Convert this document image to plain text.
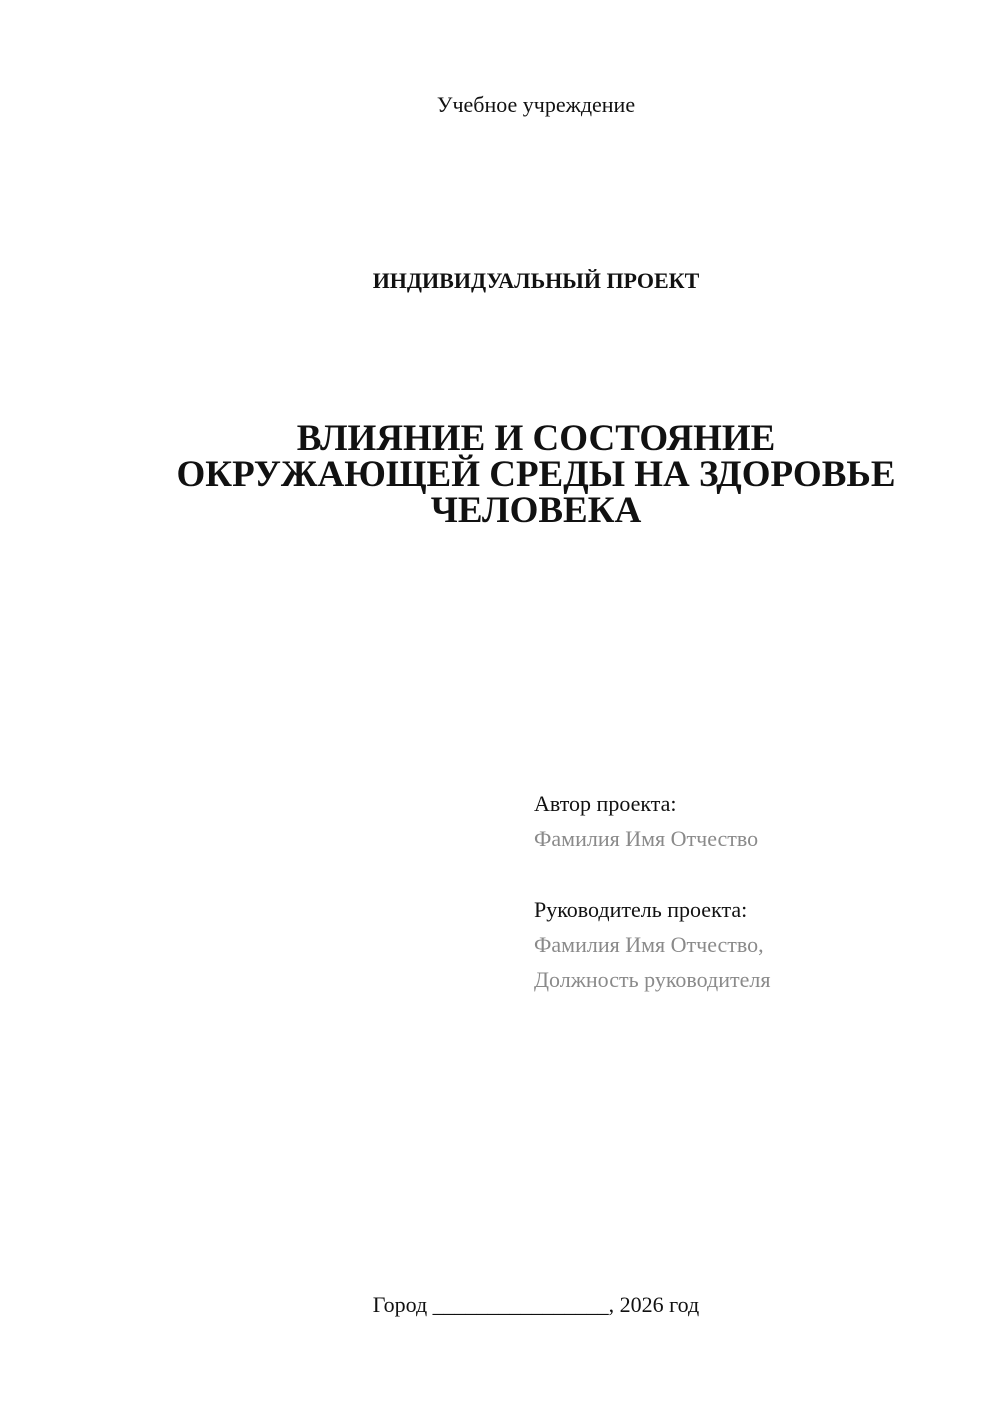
Учебное учреждение
ИНДИВИДУАЛЬНЫЙ ПРОЕКТ
ВЛИЯНИЕ И СОСТОЯНИЕ
ОКРУЖАЮЩЕЙ СРЕДЫ НА ЗДОРОВЬЕ
ЧЕЛОВЕКА
Автор проекта:
Фамилия Имя Отчество
Руководитель проекта:
Фамилия Имя Отчество,
Должность руководителя
Город ________________, 2026 год
